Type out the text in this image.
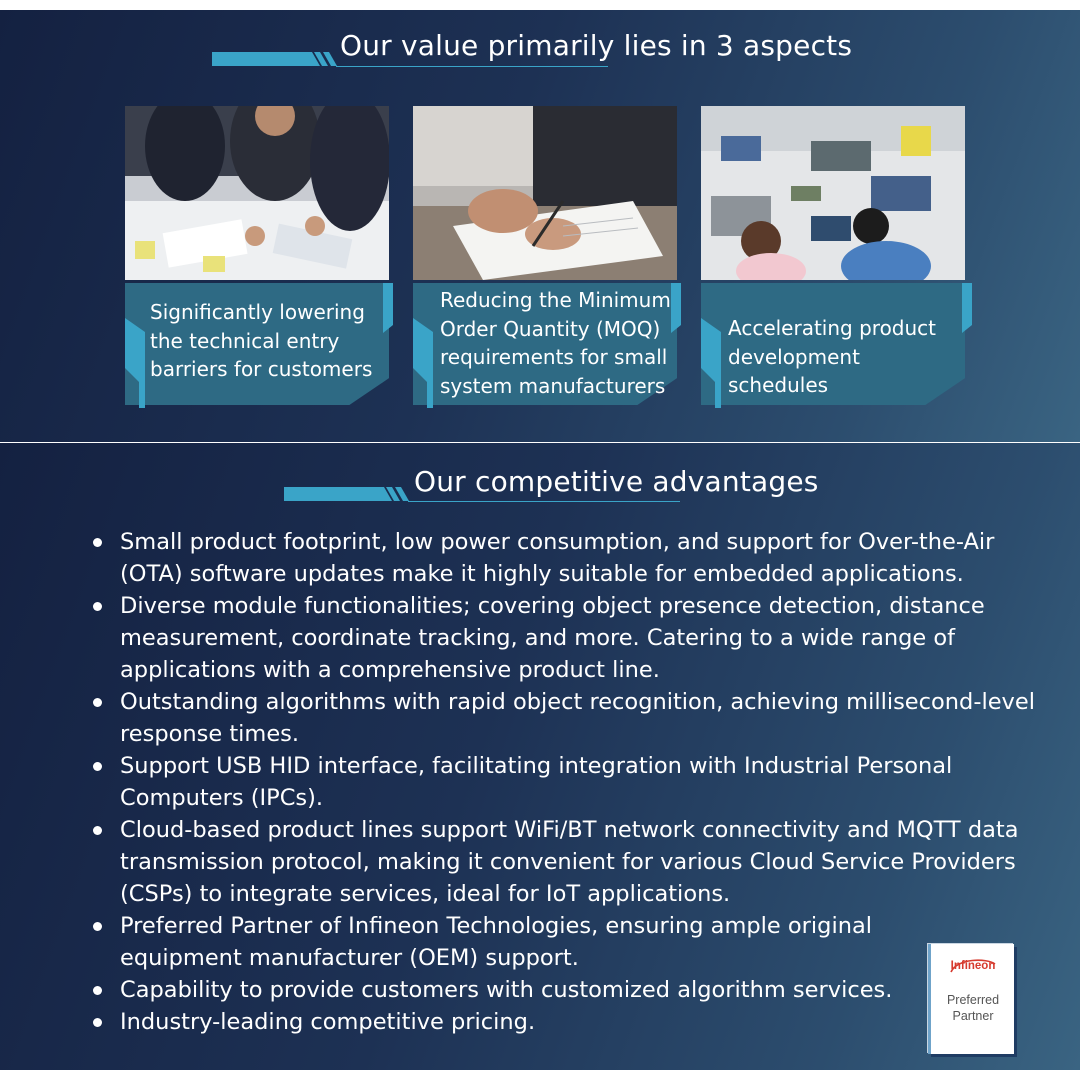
Our value primarily lies in 3 aspects
Significantly lowering the technical entry barriers for customers
Reducing the Minimum Order Quantity (MOQ) requirements for small system manufacturers
Accelerating product development schedules
Our competitive advantages
Small product footprint, low power consumption, and support for Over-the-Air (OTA) software updates make it highly suitable for embedded applications.
Diverse module functionalities; covering object presence detection, distance measurement, coordinate tracking, and more. Catering to a wide range of applications with a comprehensive product line.
Outstanding algorithms with rapid object recognition, achieving millisecond-level response times.
Support USB HID interface, facilitating integration with Industrial Personal Computers (IPCs).
Cloud-based product lines support WiFi/BT network connectivity and MQTT data transmission protocol, making it convenient for various Cloud Service Providers (CSPs) to integrate services, ideal for IoT applications.
Preferred Partner of Infineon Technologies, ensuring ample original equipment manufacturer (OEM) support.
Capability to provide customers with customized algorithm services.
Industry-leading competitive pricing.
Infineon
Preferred
Partner
